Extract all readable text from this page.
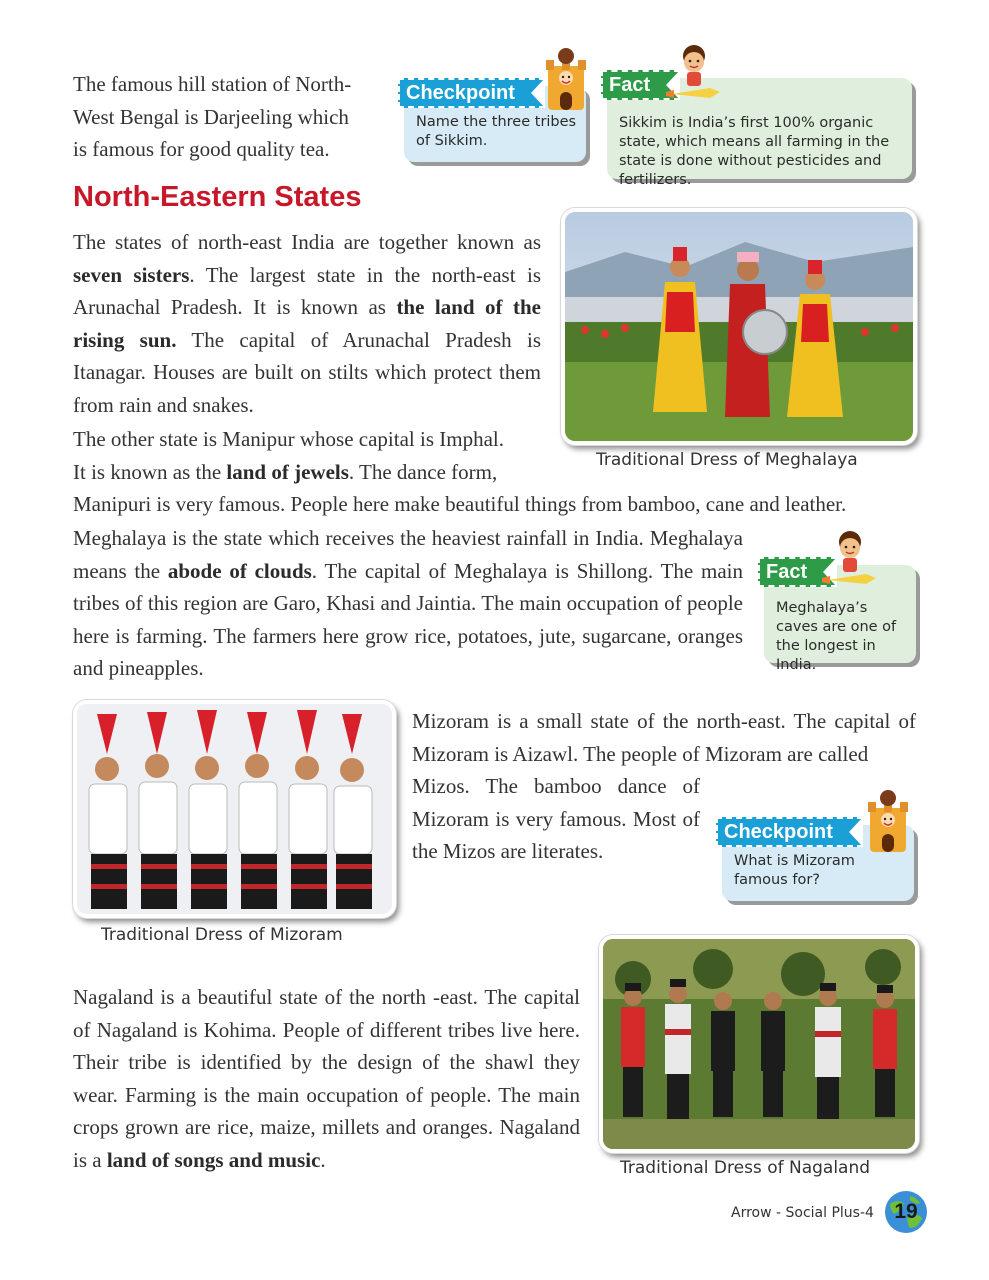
The famous hill station of North-
West Bengal is Darjeeling which
is famous for good quality tea.
Checkpoint
Name the three tribes of Sikkim.
Fact
Sikkim is India’s first 100% organic state, which means all farming in the state is done without pesticides and fertilizers.
North-Eastern States
The states of north-east India are together known as seven sisters. The largest state in the north-east is Arunachal Pradesh. It is known as the land of the rising sun. The capital of Arunachal Pradesh is Itanagar. Houses are built on stilts which protect them from rain and snakes.
Traditional Dress of Meghalaya
The other state is Manipur whose capital is Imphal.
It is known as the land of jewels. The dance form,
Manipuri is very famous. People here make beautiful things from bamboo, cane and leather.
Meghalaya is the state which receives the heaviest rainfall in India. Meghalaya means the abode of clouds. The capital of Meghalaya is Shillong. The main tribes of this region are Garo, Khasi and Jaintia. The main occupation of people here is farming. The farmers here grow rice, potatoes, jute, sugarcane, oranges and pineapples.
Fact
Meghalaya’s caves are one of the longest in India.
Traditional Dress of Mizoram
Mizoram is a small state of the north-east. The capital of Mizoram is Aizawl. The people of Mizoram are called
Mizos. The bamboo dance of Mizoram is very famous. Most of the Mizos are literates.
Checkpoint
What is Mizoram famous for?
Traditional Dress of Nagaland
Nagaland is a beautiful state of the north -east. The capital of Nagaland is Kohima. People of different tribes live here. Their tribe is identified by the design of the shawl they wear. Farming is the main occupation of people. The main crops grown are rice, maize, millets and oranges. Nagaland is a land of songs and music.
Arrow - Social Plus-4 19
